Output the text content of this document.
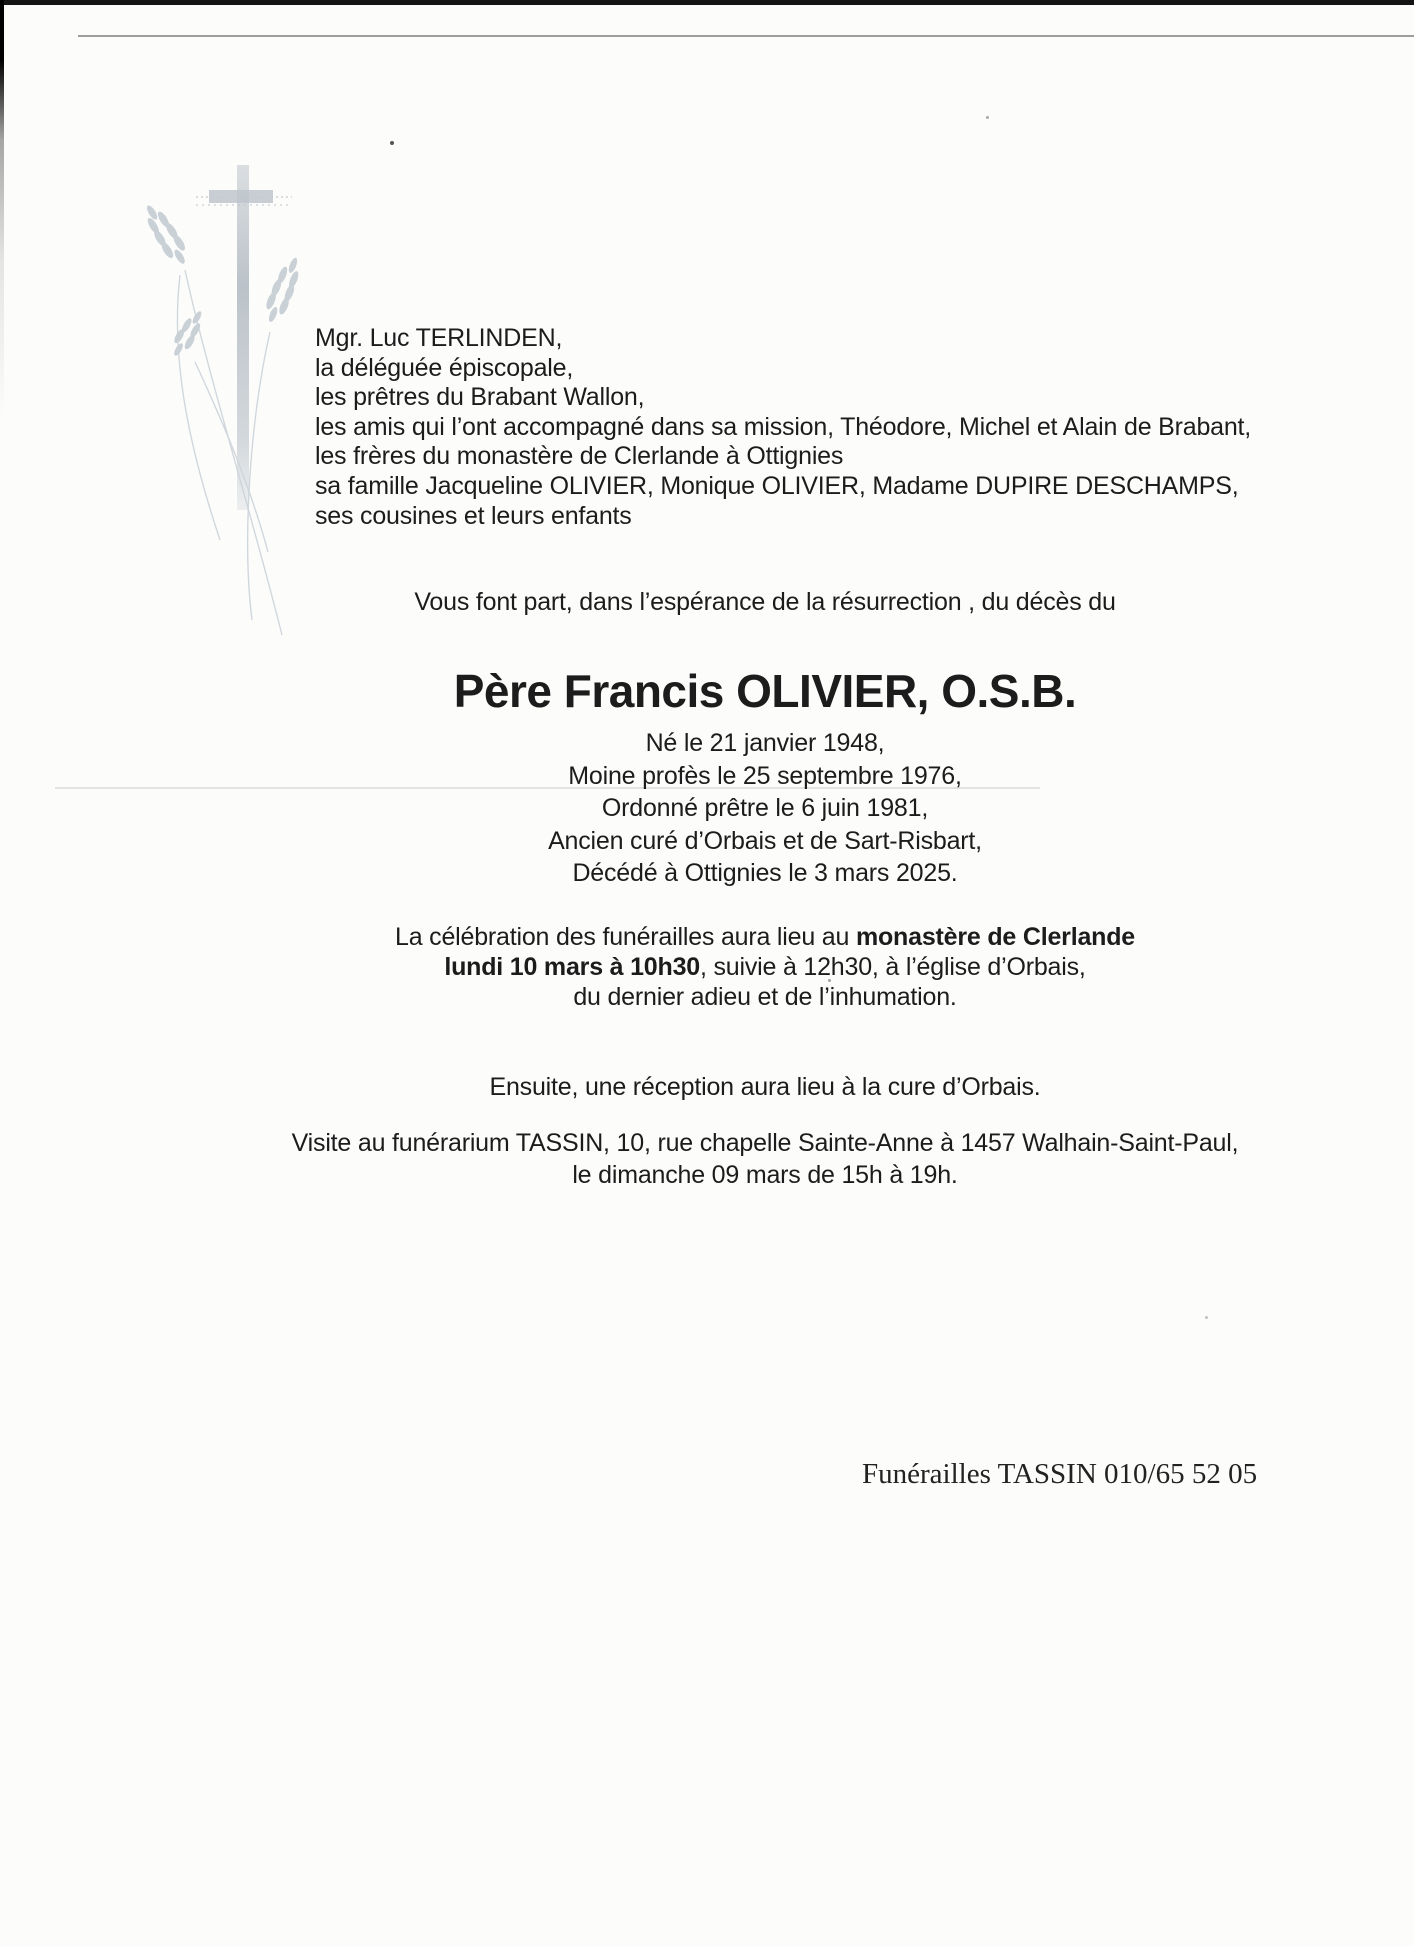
Mgr. Luc TERLINDEN,
la déléguée épiscopale,
les prêtres du Brabant Wallon,
les amis qui l’ont accompagné dans sa mission, Théodore, Michel et Alain de Brabant,
les frères du monastère de Clerlande à Ottignies
sa famille Jacqueline OLIVIER, Monique OLIVIER, Madame DUPIRE DESCHAMPS,
ses cousines et leurs enfants
Vous font part, dans l’espérance de la résurrection , du décès du
Père Francis OLIVIER, O.S.B.
Né le 21 janvier 1948,
Moine profès le 25 septembre 1976,
Ordonné prêtre le 6 juin 1981,
Ancien curé d’Orbais et de Sart-Risbart,
Décédé à Ottignies le 3 mars 2025.
La célébration des funérailles aura lieu au monastère de Clerlande
lundi 10 mars à 10h30, suivie à 12h30, à l’église d’Orbais,
du dernier adieu et de l’inhumation.
Ensuite, une réception aura lieu à la cure d’Orbais.
Visite au funérarium TASSIN, 10, rue chapelle Sainte-Anne à 1457 Walhain-Saint-Paul,
le dimanche 09 mars de 15h à 19h.
Funérailles TASSIN 010/65 52 05
